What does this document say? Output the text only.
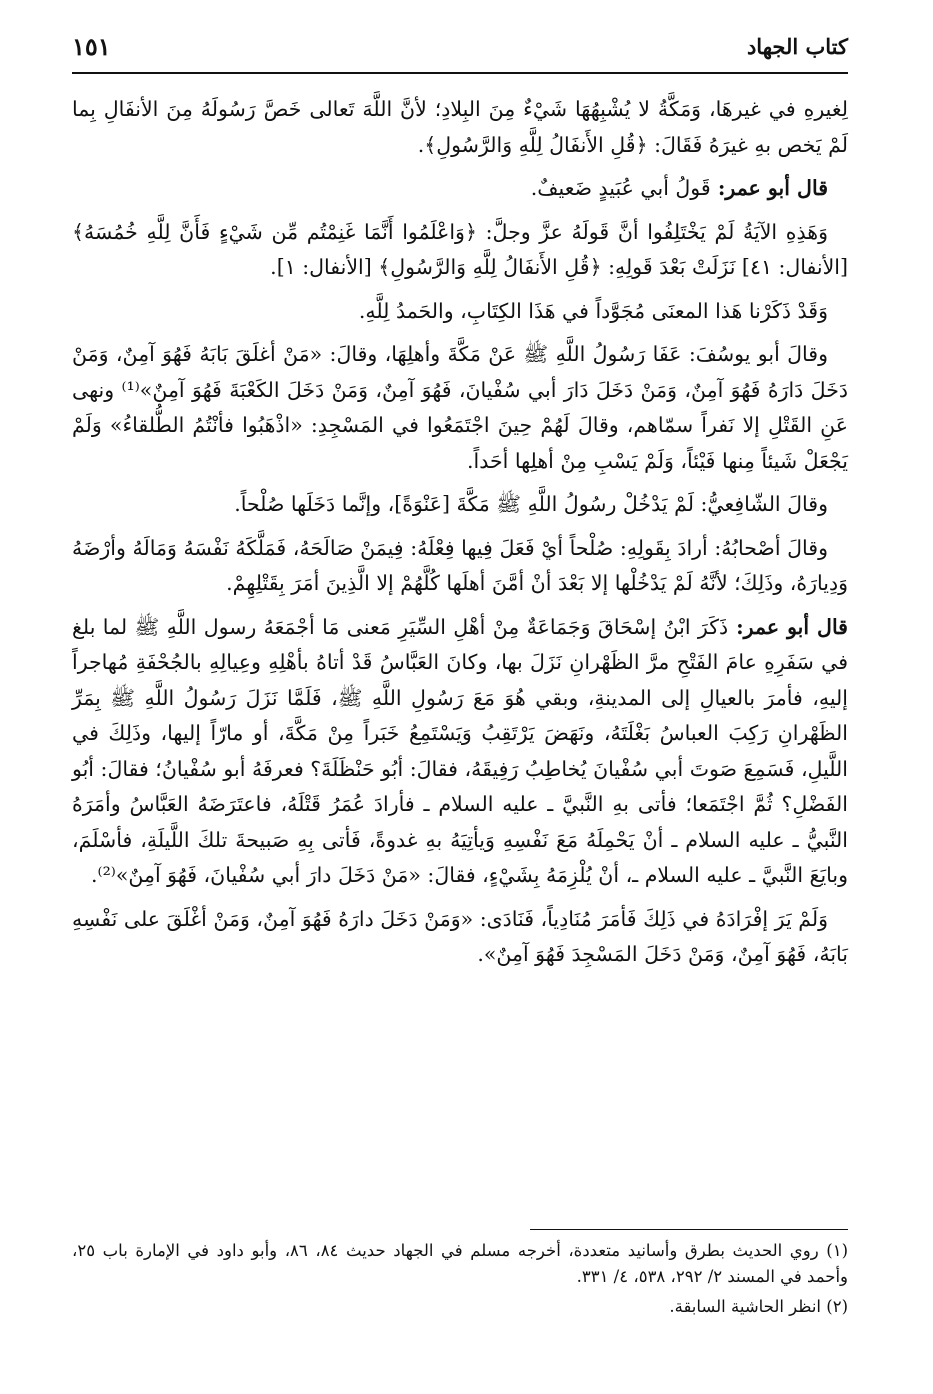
كتاب الجهاد
١٥١

لِغيرهِ في غيرهَا، وَمَكَّةُ لا يُشْبِهُهَا شَيْءٌ مِنَ البِلادِ؛ لأنَّ اللَّهَ تَعالى خَصَّ رَسُولَهُ مِنَ الأنفَالِ بِما لَمْ يَخص بهِ غيرَهُ فَقَالَ: ﴿قُلِ الأَنفَالُ لِلَّهِ وَالرَّسُولِ﴾.

قال أبو عمر: قَولُ أبي عُبَيدٍ ضَعيفٌ.

وَهَذِهِ الآيَةُ لَمْ يَخْتَلِفُوا أنَّ قَولَهُ عزَّ وجلَّ: ﴿وَاعْلَمُوا أَنَّمَا غَنِمْتُم مِّن شَيْءٍ فَأَنَّ لِلَّهِ خُمُسَهُ﴾ [الأنفال: ٤١] نَزَلَتْ بَعْدَ قَولِهِ: ﴿قُلِ الأَنفَالُ لِلَّهِ وَالرَّسُولِ﴾ [الأنفال: ١].

وَقَدْ ذَكَرْنا هَذا المعنَى مُجَوَّداً في هَذَا الكِتَابِ، والحَمدُ لِلَّهِ.

وقالَ أبو يوسُفَ: عَفَا رَسُولُ اللَّهِ ﷺ عَنْ مَكَّةَ وأهلِهَا، وقالَ: «مَنْ أغلَقَ بَابَهُ فَهُوَ آمِنٌ، وَمَنْ دَخَلَ دَارَهُ فَهُوَ آمِنٌ، وَمَنْ دَخَلَ دَارَ أبي سُفْيانَ، فَهُوَ آمِنٌ، وَمَنْ دَخَلَ الكَعْبَةَ فَهُوَ آمِنٌ»⁽¹⁾ ونهى عَنِ القَتْلِ إلا نَفراً سمّاهم، وقالَ لَهُمْ حِينَ اجْتَمَعُوا في المَسْجِدِ: «اذْهَبُوا فأنْتُمُ الطُّلقاءُ» وَلَمْ يَجْعَلْ شَيئاً مِنها فَيْئاً، وَلَمْ يَسْبِ مِنْ أهلِها أحَداً.

وقالَ الشّافِعيُّ: لَمْ يَدْخُلْ رسُولُ اللَّهِ ﷺ مَكَّةَ [عَنْوَةً]، وإنَّما دَخَلَها صُلْحاً.

وقالَ أصْحابُهُ: أرادَ بِقَولِهِ: صُلْحاً أيْ فَعَلَ فِيها فِعْلَهُ: فِيمَنْ صَالَحَهُ، فَمَلَّكَهُ نَفْسَهُ وَمَالَهُ وأرْضَهُ وَدِيارَهُ، وذَلِكَ؛ لأنَّهُ لَمْ يَدْخُلْها إلا بَعْدَ أنْ أمَّنَ أهلَها كُلَّهُمْ إلا الَّذِينَ أمَرَ بِقَتْلِهِمْ.

قال أبو عمر: ذَكَرَ ابْنُ إسْحَاقَ وَجَمَاعَةٌ مِنْ أهْلِ السِّيَرِ مَعنى مَا أجْمَعَهُ رسول اللَّهِ ﷺ لما بلغ في سَفَرِهِ عامَ الفَتْحِ مرَّ الظَهْرانِ نَزَلَ بها، وكانَ العَبَّاسُ قَدْ أتاهُ بأهْلِهِ وعِيالِهِ بالجُحْفَةِ مُهاجراً إليهِ، فأمرَ بالعيالِ إلى المدينةِ، وبقي هُوَ مَعَ رَسُولِ اللَّهِ ﷺ، فَلَمَّا نَزَلَ رَسُولُ اللَّهِ ﷺ بِمَرِّ الظَهْرانِ رَكِبَ العباسُ بَغْلَتَهُ، ونَهَضَ يَرْتَقِبُ وَيَسْتَمِعُ خَبَراً مِنْ مَكَّةَ، أو مارّاً إليها، وذَلِكَ في اللَّيلِ، فَسَمِعَ صَوتَ أبي سُفْيانَ يُخاطِبُ رَفِيقَهُ، فقالَ: أبُو حَنْظَلَةَ؟ فعرفَهُ أبو سُفْيانُ؛ فقالَ: أبُو الفَضْلِ؟ ثُمَّ اجْتَمَعا؛ فأتى بهِ النَّبيَّ ـ عليه السلام ـ فأرادَ عُمَرُ قَتْلَهُ، فاعتَرَضَهُ العَبَّاسُ وأمَرَهُ النَّبيُّ ـ عليه السلام ـ أنْ يَحْمِلَهُ مَعَ نَفْسِهِ وَيأتِيَهُ بهِ غدوةً، فَأتى بِهِ صَبيحةَ تلكَ اللَّيلَةِ، فأسْلَمَ، وبايَعَ النَّبيَّ ـ عليه السلام ـ، أنْ يُلْزِمَهُ بِشَيْءٍ، فقالَ: «مَنْ دَخَلَ دارَ أبي سُفْيانَ، فَهُوَ آمِنٌ»⁽²⁾.

وَلَمْ يَرَ إفْرَادَهُ في ذَلِكَ فَأمَرَ مُنَادِياً، فَنَادَى: «وَمَنْ دَخَلَ دارَهُ فَهُوَ آمِنٌ، وَمَنْ أغْلَقَ على نَفْسِهِ بَابَهُ، فَهُوَ آمِنٌ، وَمَنْ دَخَلَ المَسْجِدَ فَهُوَ آمِنٌ».

(١) روي الحديث بطرق وأسانيد متعددة، أخرجه مسلم في الجهاد حديث ٨٤، ٨٦، وأبو داود في الإمارة باب ٢٥، وأحمد في المسند ٢/ ٢٩٢، ٥٣٨، ٤/ ٣٣١.

(٢) انظر الحاشية السابقة.
